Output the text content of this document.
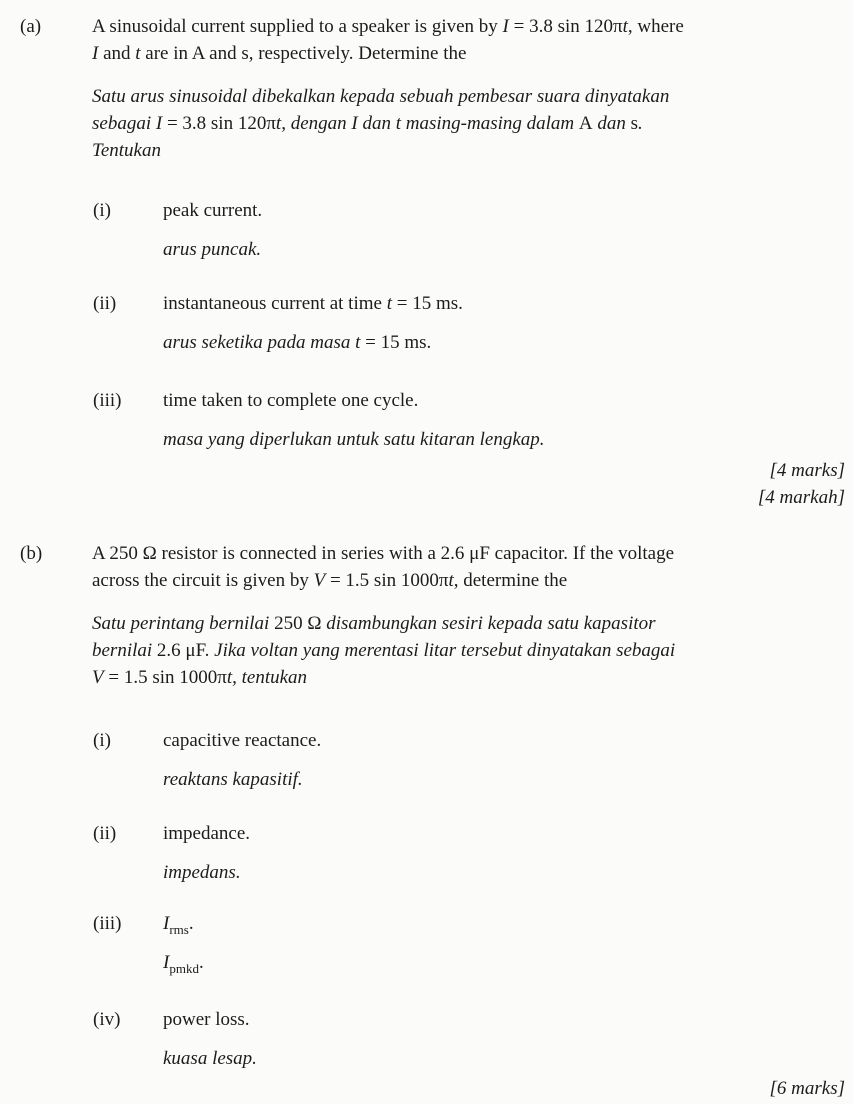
(a)	A sinusoidal current supplied to a speaker is given by I = 3.8 sin 120πt, where
I and t are in A and s, respectively. Determine the

Satu arus sinusoidal dibekalkan kepada sebuah pembesar suara dinyatakan
sebagai I = 3.8 sin 120πt, dengan I dan t masing-masing dalam A dan s.
Tentukan

(i)	peak current.
arus puncak.
(ii) instantaneous current at time t = 15 ms.
arus seketika pada masa t = 15 ms.
(iii) time taken to complete one cycle.
masa yang diperlukan untuk satu kitaran lengkap.
[4 marks]
[4 markah]
(b)	A 250 Ω resistor is connected in series with a 2.6 μF capacitor. If the voltage
across the circuit is given by V = 1.5 sin 1000πt, determine the

Satu perintang bernilai 250 Ω disambungkan sesiri kepada satu kapasitor
bernilai 2.6 μF. Jika voltan yang merentasi litar tersebut dinyatakan sebagai
V = 1.5 sin 1000πt, tentukan

(i)	capacitive reactance.
reaktans kapasitif.
(ii) impedance.
impedans.
(iii) $I_{rms}$.
$I_{pmkd}$.
(iv) power loss.
kuasa lesap.
[6 marks]
